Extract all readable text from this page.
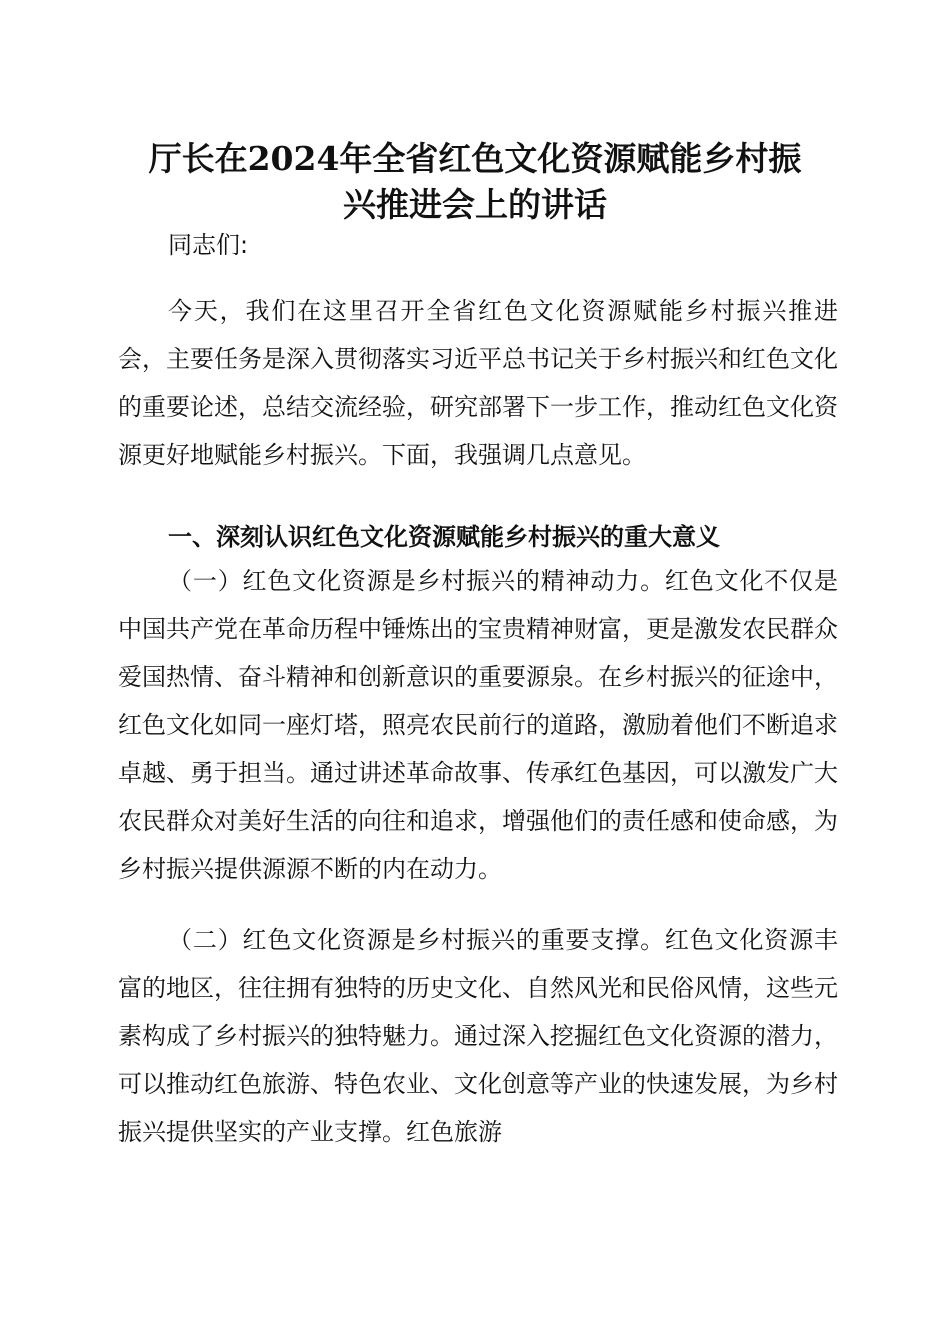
厅长在2024年全省红色文化资源赋能乡村振
兴推进会上的讲话

同志们:

今天，我们在这里召开全省红色文化资源赋能乡村振兴推进会，主要任务是深入贯彻落实习近平总书记关于乡村振兴和红色文化的重要论述，总结交流经验，研究部署下一步工作，推动红色文化资源更好地赋能乡村振兴。下面，我强调几点意见。

一、深刻认识红色文化资源赋能乡村振兴的重大意义

（一）红色文化资源是乡村振兴的精神动力。红色文化不仅是中国共产党在革命历程中锤炼出的宝贵精神财富，更是激发农民群众爱国热情、奋斗精神和创新意识的重要源泉。在乡村振兴的征途中，红色文化如同一座灯塔，照亮农民前行的道路，激励着他们不断追求卓越、勇于担当。通过讲述革命故事、传承红色基因，可以激发广大农民群众对美好生活的向往和追求，增强他们的责任感和使命感，为乡村振兴提供源源不断的内在动力。

（二）红色文化资源是乡村振兴的重要支撑。红色文化资源丰富的地区，往往拥有独特的历史文化、自然风光和民俗风情，这些元素构成了乡村振兴的独特魅力。通过深入挖掘红色文化资源的潜力，可以推动红色旅游、特色农业、文化创意等产业的快速发展，为乡村振兴提供坚实的产业支撑。红色旅游
